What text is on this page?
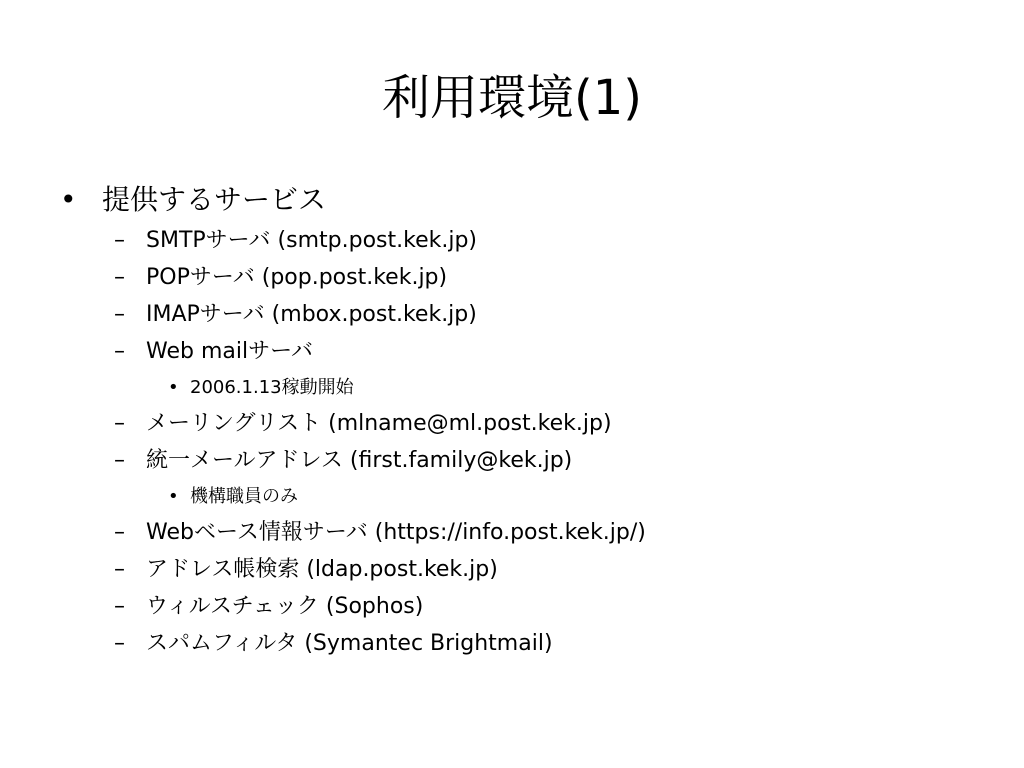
利用環境(1)
• 提供するサービス
– SMTPサーバ (smtp.post.kek.jp)
– POPサーバ (pop.post.kek.jp)
– IMAPサーバ (mbox.post.kek.jp)
– Web mailサーバ
• 2006.1.13稼動開始
– メーリングリスト (mlname@ml.post.kek.jp)
– 統一メールアドレス (first.family@kek.jp)
• 機構職員のみ
– Webベース情報サーバ (https://info.post.kek.jp/)
– アドレス帳検索 (ldap.post.kek.jp)
– ウィルスチェック (Sophos)
– スパムフィルタ (Symantec Brightmail)
